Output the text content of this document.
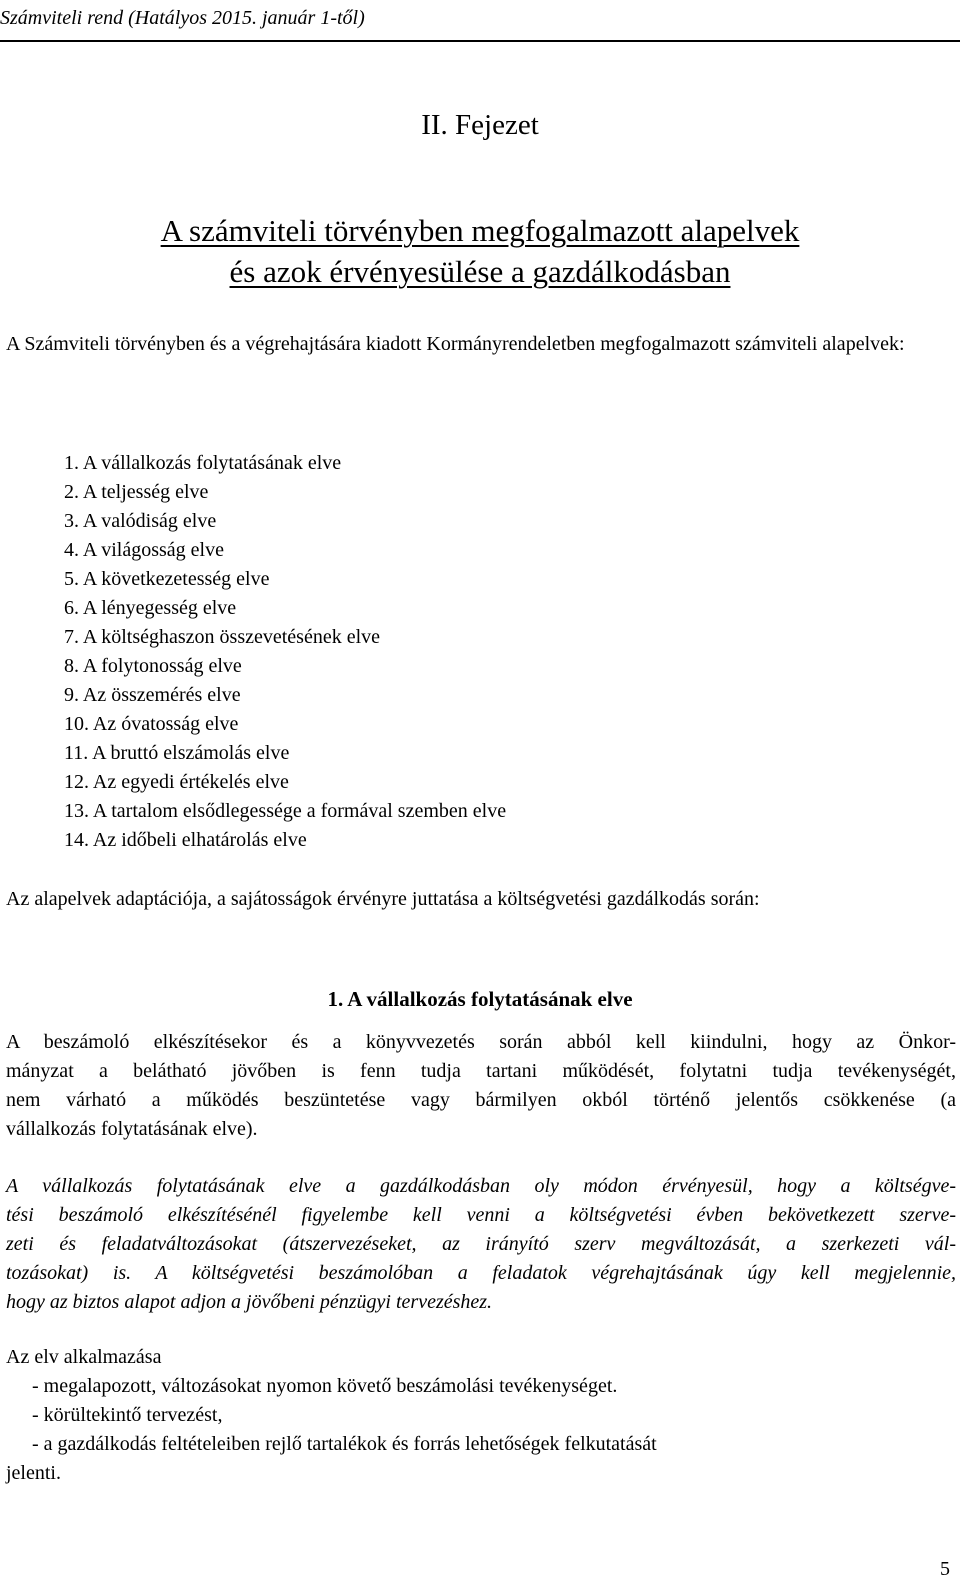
Számviteli rend (Hatályos 2015. január 1-től)
II. Fejezet
A számviteli törvényben megfogalmazott alapelvek
és azok érvényesülése a gazdálkodásban
A Számviteli törvényben és a végrehajtására kiadott Kormányrendeletben megfogalmazott számviteli alapelvek:
1. A vállalkozás folytatásának elve
2. A teljesség elve
3. A valódiság elve
4. A világosság elve
5. A következetesség elve
6. A lényegesség elve
7. A költséghaszon összevetésének elve
8. A folytonosság elve
9. Az összemérés elve
10. Az óvatosság elve
11. A bruttó elszámolás elve
12. Az egyedi értékelés elve
13. A tartalom elsődlegessége a formával szemben elve
14. Az időbeli elhatárolás elve
Az alapelvek adaptációja, a sajátosságok érvényre juttatása a költségvetési gazdálkodás során:
1. A vállalkozás folytatásának elve
A beszámoló elkészítésekor és a könyvvezetés során abból kell kiindulni, hogy az Önkor-
mányzat a belátható jövőben is fenn tudja tartani működését, folytatni tudja tevékenységét,
nem várható a működés beszüntetése vagy bármilyen okból történő jelentős csökkenése (a
vállalkozás folytatásának elve).
A vállalkozás folytatásának elve a gazdálkodásban oly módon érvényesül, hogy a költségve-
tési beszámoló elkészítésénél figyelembe kell venni a költségvetési évben bekövetkezett szerve-
zeti és feladatváltozásokat (átszervezéseket, az irányító szerv megváltozását, a szerkezeti vál-
tozásokat) is. A költségvetési beszámolóban a feladatok végrehajtásának úgy kell megjelennie,
hogy az biztos alapot adjon a jövőbeni pénzügyi tervezéshez.
Az elv alkalmazása
- megalapozott, változásokat nyomon követő beszámolási tevékenységet.
- körültekintő tervezést,
- a gazdálkodás feltételeiben rejlő tartalékok és forrás lehetőségek felkutatását
jelenti.
5
